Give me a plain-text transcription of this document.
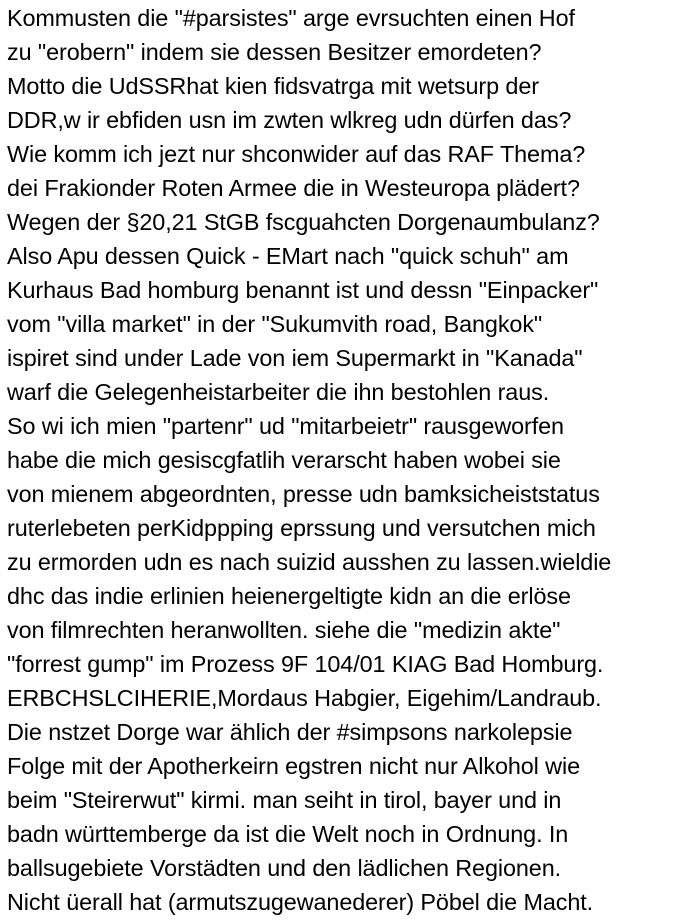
Kommusten die "#parsistes" arge evrsuchten einen Hof
zu "erobern" indem sie dessen Besitzer emordeten?
Motto die UdSSRhat kien fidsvatrga mit wetsurp der
DDR,w ir ebfiden usn im zwten wlkreg udn dürfen das?
Wie komm ich jezt nur shconwider auf das RAF Thema?
dei Frakionder Roten Armee die in Westeuropa plädert?
Wegen der §20,21 StGB fscguahcten Dorgenaumbulanz?
Also Apu dessen Quick - EMart nach "quick schuh" am
Kurhaus Bad homburg benannt ist und dessn "Einpacker"
vom "villa market" in der "Sukumvith road, Bangkok"
ispiret sind under Lade von iem Supermarkt in "Kanada"
warf die Gelegenheistarbeiter die ihn bestohlen raus.
So wi ich mien "partenr" ud "mitarbeietr" rausgeworfen
habe die mich gesiscgfatlih verarscht haben wobei sie
von mienem abgeordnten, presse udn bamksicheiststatus
ruterlebeten perKidppping eprssung und versutchen mich
zu ermorden udn es nach suizid ausshen zu lassen.wieldie
dhc das indie erlinien heienergeltigte kidn an die erlöse
von filmrechten heranwollten. siehe die "medizin akte"
"forrest gump" im Prozess 9F 104/01 KIAG Bad Homburg.
ERBCHSLCIHERIE,Mordaus Habgier, Eigehim/Landraub.
Die nstzet Dorge war ählich der #simpsons narkolepsie
Folge mit der Apotherkeirn egstren nicht nur Alkohol wie
beim "Steirerwut" kirmi. man seiht in tirol, bayer und in
badn württemberge da ist die Welt noch in Ordnung. In
ballsugebiete Vorstädten und den lädlichen Regionen.
Nicht üerall hat (armutszugewanederer) Pöbel die Macht.
